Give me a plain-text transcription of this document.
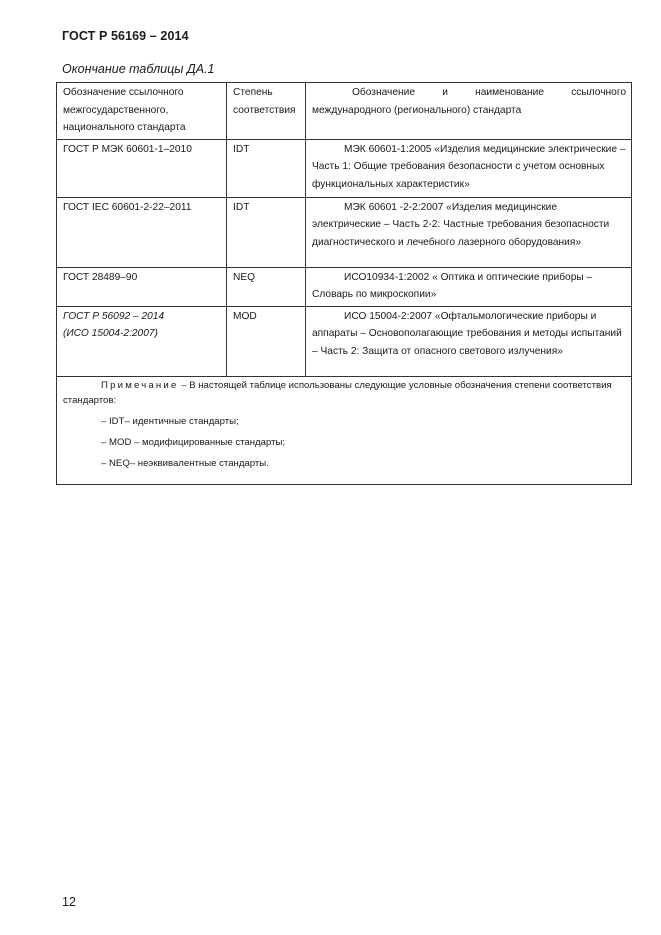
ГОСТ Р 56169 – 2014
Окончание таблицы ДА.1
Обозначение ссылочного межгосударственного, национального стандарта	Степень соответствия	Обозначение и наименование ссылочного
международного (регионального) стандарта

ГОСТ Р МЭК 60601-1–2010	IDT	МЭК 60601-1:2005 «Изделия медицинские электрические – Часть 1: Общие требования безопасности с учетом основных функциональных характеристик»
ГОСТ IEC 60601-2-22–2011	IDT	МЭК 60601 -2-2:2007 «Изделия медицинские электрические – Часть 2-2: Частные требования безопасности диагностического и лечебного лазерного оборудования»
ГОСТ 28489–90	NEQ	ИСО10934-1:2002 « Оптика и оптические приборы – Словарь по микроскопии»

ГОСТ Р 56092 – 2014
(ИСО 15004-2:2007)	MOD	ИСО 15004-2:2007 «Офтальмологические приборы и аппараты – Основополагающие требования и методы испытаний – Часть 2: Защита от опасного светового излучения»

Примечание – В настоящей таблице использованы следующие условные обозначения степени соответствия стандартов:
– IDT– идентичные стандарты;
– MOD – модифицированные стандарты;
– NEQ– неэквивалентные стандарты.		
12
